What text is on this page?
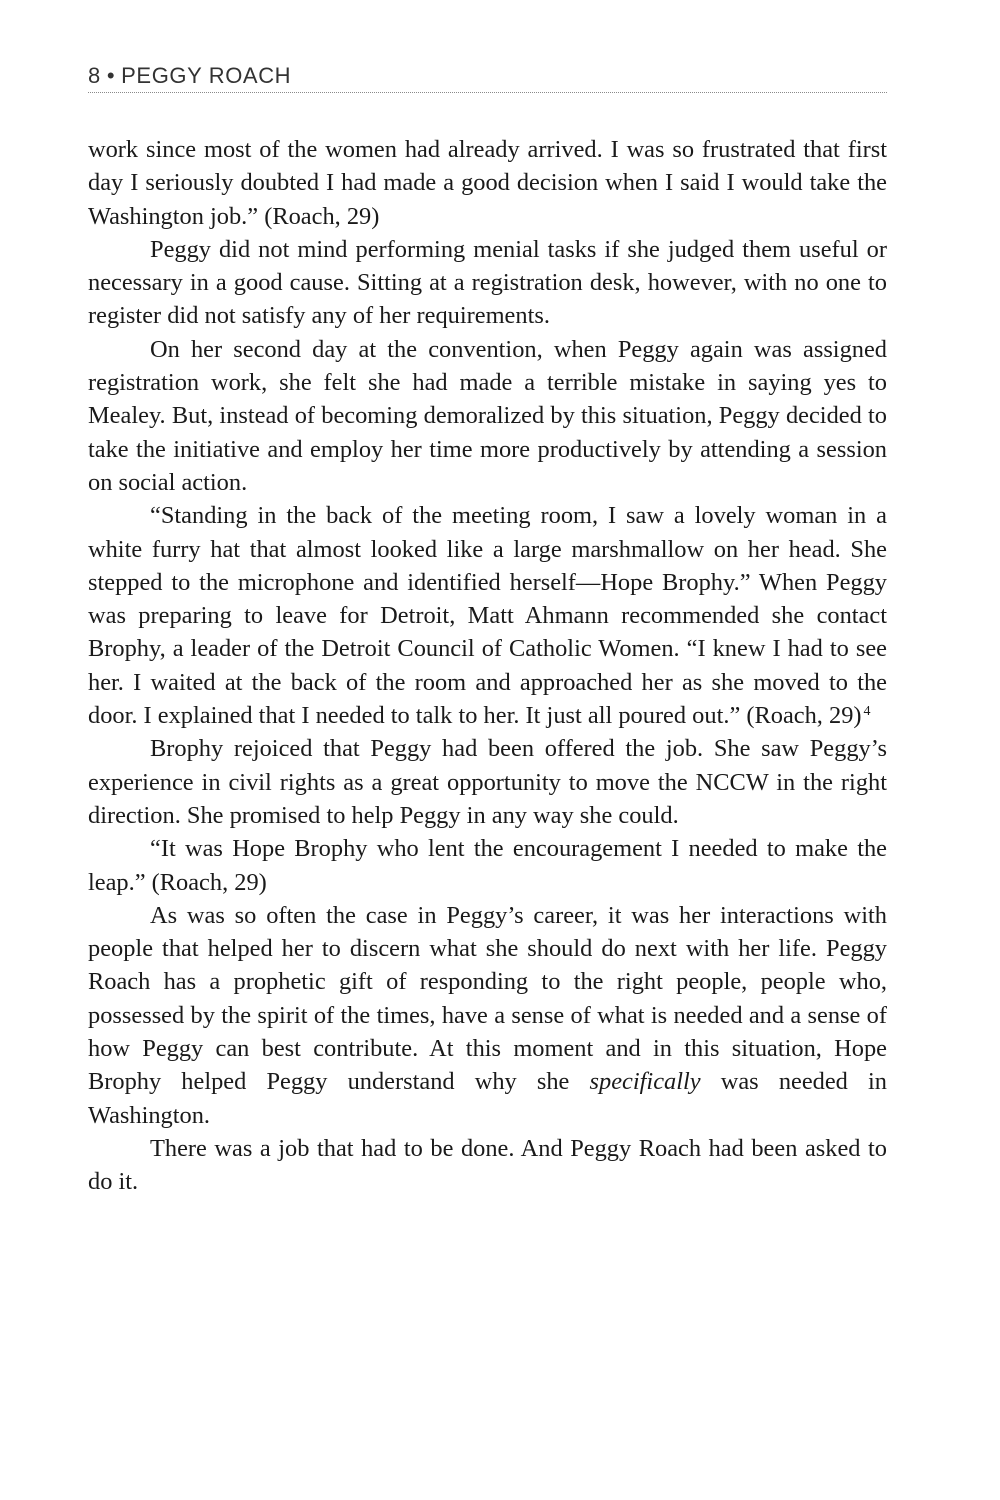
8 • PEGGY ROACH

work since most of the women had already arrived. I was so frustrated that first day I seriously doubted I had made a good decision when I said I would take the Washington job.” (Roach, 29)

Peggy did not mind performing menial tasks if she judged them useful or necessary in a good cause. Sitting at a registration desk, however, with no one to register did not satisfy any of her requirements.

On her second day at the convention, when Peggy again was assigned registration work, she felt she had made a terrible mistake in saying yes to Mealey. But, instead of becoming demoralized by this situation, Peggy decided to take the initiative and employ her time more productively by attending a session on social action.

“Standing in the back of the meeting room, I saw a lovely woman in a white furry hat that almost looked like a large marshmallow on her head. She stepped to the microphone and identified herself—Hope Brophy.” When Peggy was preparing to leave for Detroit, Matt Ahmann recommended she contact Brophy, a leader of the Detroit Council of Catholic Women. “I knew I had to see her. I waited at the back of the room and approached her as she moved to the door. I explained that I needed to talk to her. It just all poured out.” (Roach, 29) $^4$

Brophy rejoiced that Peggy had been offered the job. She saw Peggy’s experience in civil rights as a great opportunity to move the NCCW in the right direction. She promised to help Peggy in any way she could.

“It was Hope Brophy who lent the encouragement I needed to make the leap.” (Roach, 29)

As was so often the case in Peggy’s career, it was her interactions with people that helped her to discern what she should do next with her life. Peggy Roach has a prophetic gift of responding to the right people, people who, possessed by the spirit of the times, have a sense of what is needed and a sense of how Peggy can best contribute. At this moment and in this situation, Hope Brophy helped Peggy understand why she specifically was needed in Washington.

There was a job that had to be done. And Peggy Roach had been asked to do it.
